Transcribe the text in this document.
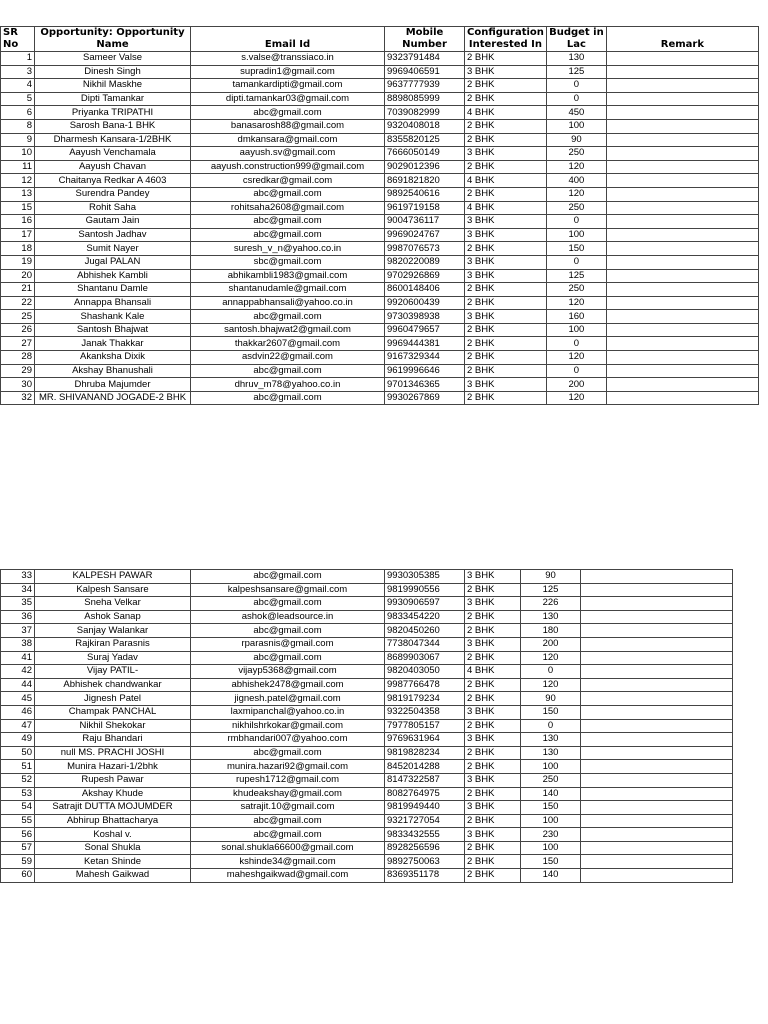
SR No	Opportunity: Opportunity Name	Email Id	Mobile Number	Configuration Interested In	Budget in Lac	Remark
1	Sameer Valse	s.valse@transsiaco.in	9323791484	2 BHK	130	
3	Dinesh Singh	supradin1@gmail.com	9969406591	3 BHK	125	
4	Nikhil Maskhe	tamankardipti@gmail.com	9637777939	2 BHK	0	
5	Dipti Tamankar	dipti.tamankar03@gmail.com	8898085999	2 BHK	0	
6	Priyanka TRIPATHI	abc@gmail.com	7039082999	4 BHK	450	
8	Sarosh Bana-1 BHK	banasarosh88@gmail.com	9320408018	2 BHK	100	
9	Dharmesh Kansara-1/2BHK	dmkansara@gmail.com	8355820125	2 BHK	90	
10	Aayush Venchamala	aayush.sv@gmail.com	7666050149	3 BHK	250	
11	Aayush Chavan	aayush.construction999@gmail.com	9029012396	2 BHK	120	
12	Chaitanya Redkar A 4603	csredkar@gmail.com	8691821820	4 BHK	400	
13	Surendra Pandey	abc@gmail.com	9892540616	2 BHK	120	
15	Rohit Saha	rohitsaha2608@gmail.com	9619719158	4 BHK	250	
16	Gautam Jain	abc@gmail.com	9004736117	3 BHK	0	
17	Santosh Jadhav	abc@gmail.com	9969024767	3 BHK	100	
18	Sumit Nayer	suresh_v_n@yahoo.co.in	9987076573	2 BHK	150	
19	Jugal PALAN	sbc@gmail.com	9820220089	3 BHK	0	
20	Abhishek Kambli	abhikambli1983@gmail.com	9702926869	3 BHK	125	
21	Shantanu Damle	shantanudamle@gmail.com	8600148406	2 BHK	250	
22	Annappa Bhansali	annappabhansali@yahoo.co.in	9920600439	2 BHK	120	
25	Shashank Kale	abc@gmail.com	9730398938	3 BHK	160	
26	Santosh Bhajwat	santosh.bhajwat2@gmail.com	9960479657	2 BHK	100	
27	Janak Thakkar	thakkar2607@gmail.com	9969444381	2 BHK	0	
28	Akanksha Dixik	asdvin22@gmail.com	9167329344	2 BHK	120	
29	Akshay Bhanushali	abc@gmail.com	9619996646	2 BHK	0	
30	Dhruba Majumder	dhruv_m78@yahoo.co.in	9701346365	3 BHK	200	
32	MR. SHIVANAND JOGADE-2 BHK	abc@gmail.com	9930267869	2 BHK	120	
33	KALPESH PAWAR	abc@gmail.com	9930305385	3 BHK	90	
34	Kalpesh Sansare	kalpeshsansare@gmail.com	9819990556	2 BHK	125	
35	Sneha Velkar	abc@gmail.com	9930906597	3 BHK	226	
36	Ashok Sanap	ashok@leadsource.in	9833454220	2 BHK	130	
37	Sanjay Walankar	abc@gmail.com	9820450260	2 BHK	180	
38	Rajkiran Parasnis	rparasnis@gmail.com	7738047344	3 BHK	200	
41	Suraj Yadav	abc@gmail.com	8689903067	2 BHK	120	
42	Vijay PATIL-	vijayp5368@gmail.com	9820403050	4 BHK	0	
44	Abhishek chandwankar	abhishek2478@gmail.com	9987766478	2 BHK	120	
45	Jignesh Patel	jignesh.patel@gmail.com	9819179234	2 BHK	90	
46	Champak PANCHAL	laxmipanchal@yahoo.co.in	9322504358	3 BHK	150	
47	Nikhil Shekokar	nikhilshrkokar@gmail.com	7977805157	2 BHK	0	
49	Raju Bhandari	rmbhandari007@yahoo.com	9769631964	3 BHK	130	
50	null MS. PRACHI JOSHI	abc@gmail.com	9819828234	2 BHK	130	
51	Munira Hazari-1/2bhk	munira.hazari92@gmail.com	8452014288	2 BHK	100	
52	Rupesh Pawar	rupesh1712@gmail.com	8147322587	3 BHK	250	
53	Akshay Khude	khudeakshay@gmail.com	8082764975	2 BHK	140	
54	Satrajit DUTTA MOJUMDER	satrajit.10@gmail.com	9819949440	3 BHK	150	
55	Abhirup Bhattacharya	abc@gmail.com	9321727054	2 BHK	100	
56	Koshal v.	abc@gmail.com	9833432555	3 BHK	230	
57	Sonal Shukla	sonal.shukla66600@gmail.com	8928256596	2 BHK	100	
59	Ketan Shinde	kshinde34@gmail.com	9892750063	2 BHK	150	
60	Mahesh Gaikwad	maheshgaikwad@gmail.com	8369351178	2 BHK	140	
